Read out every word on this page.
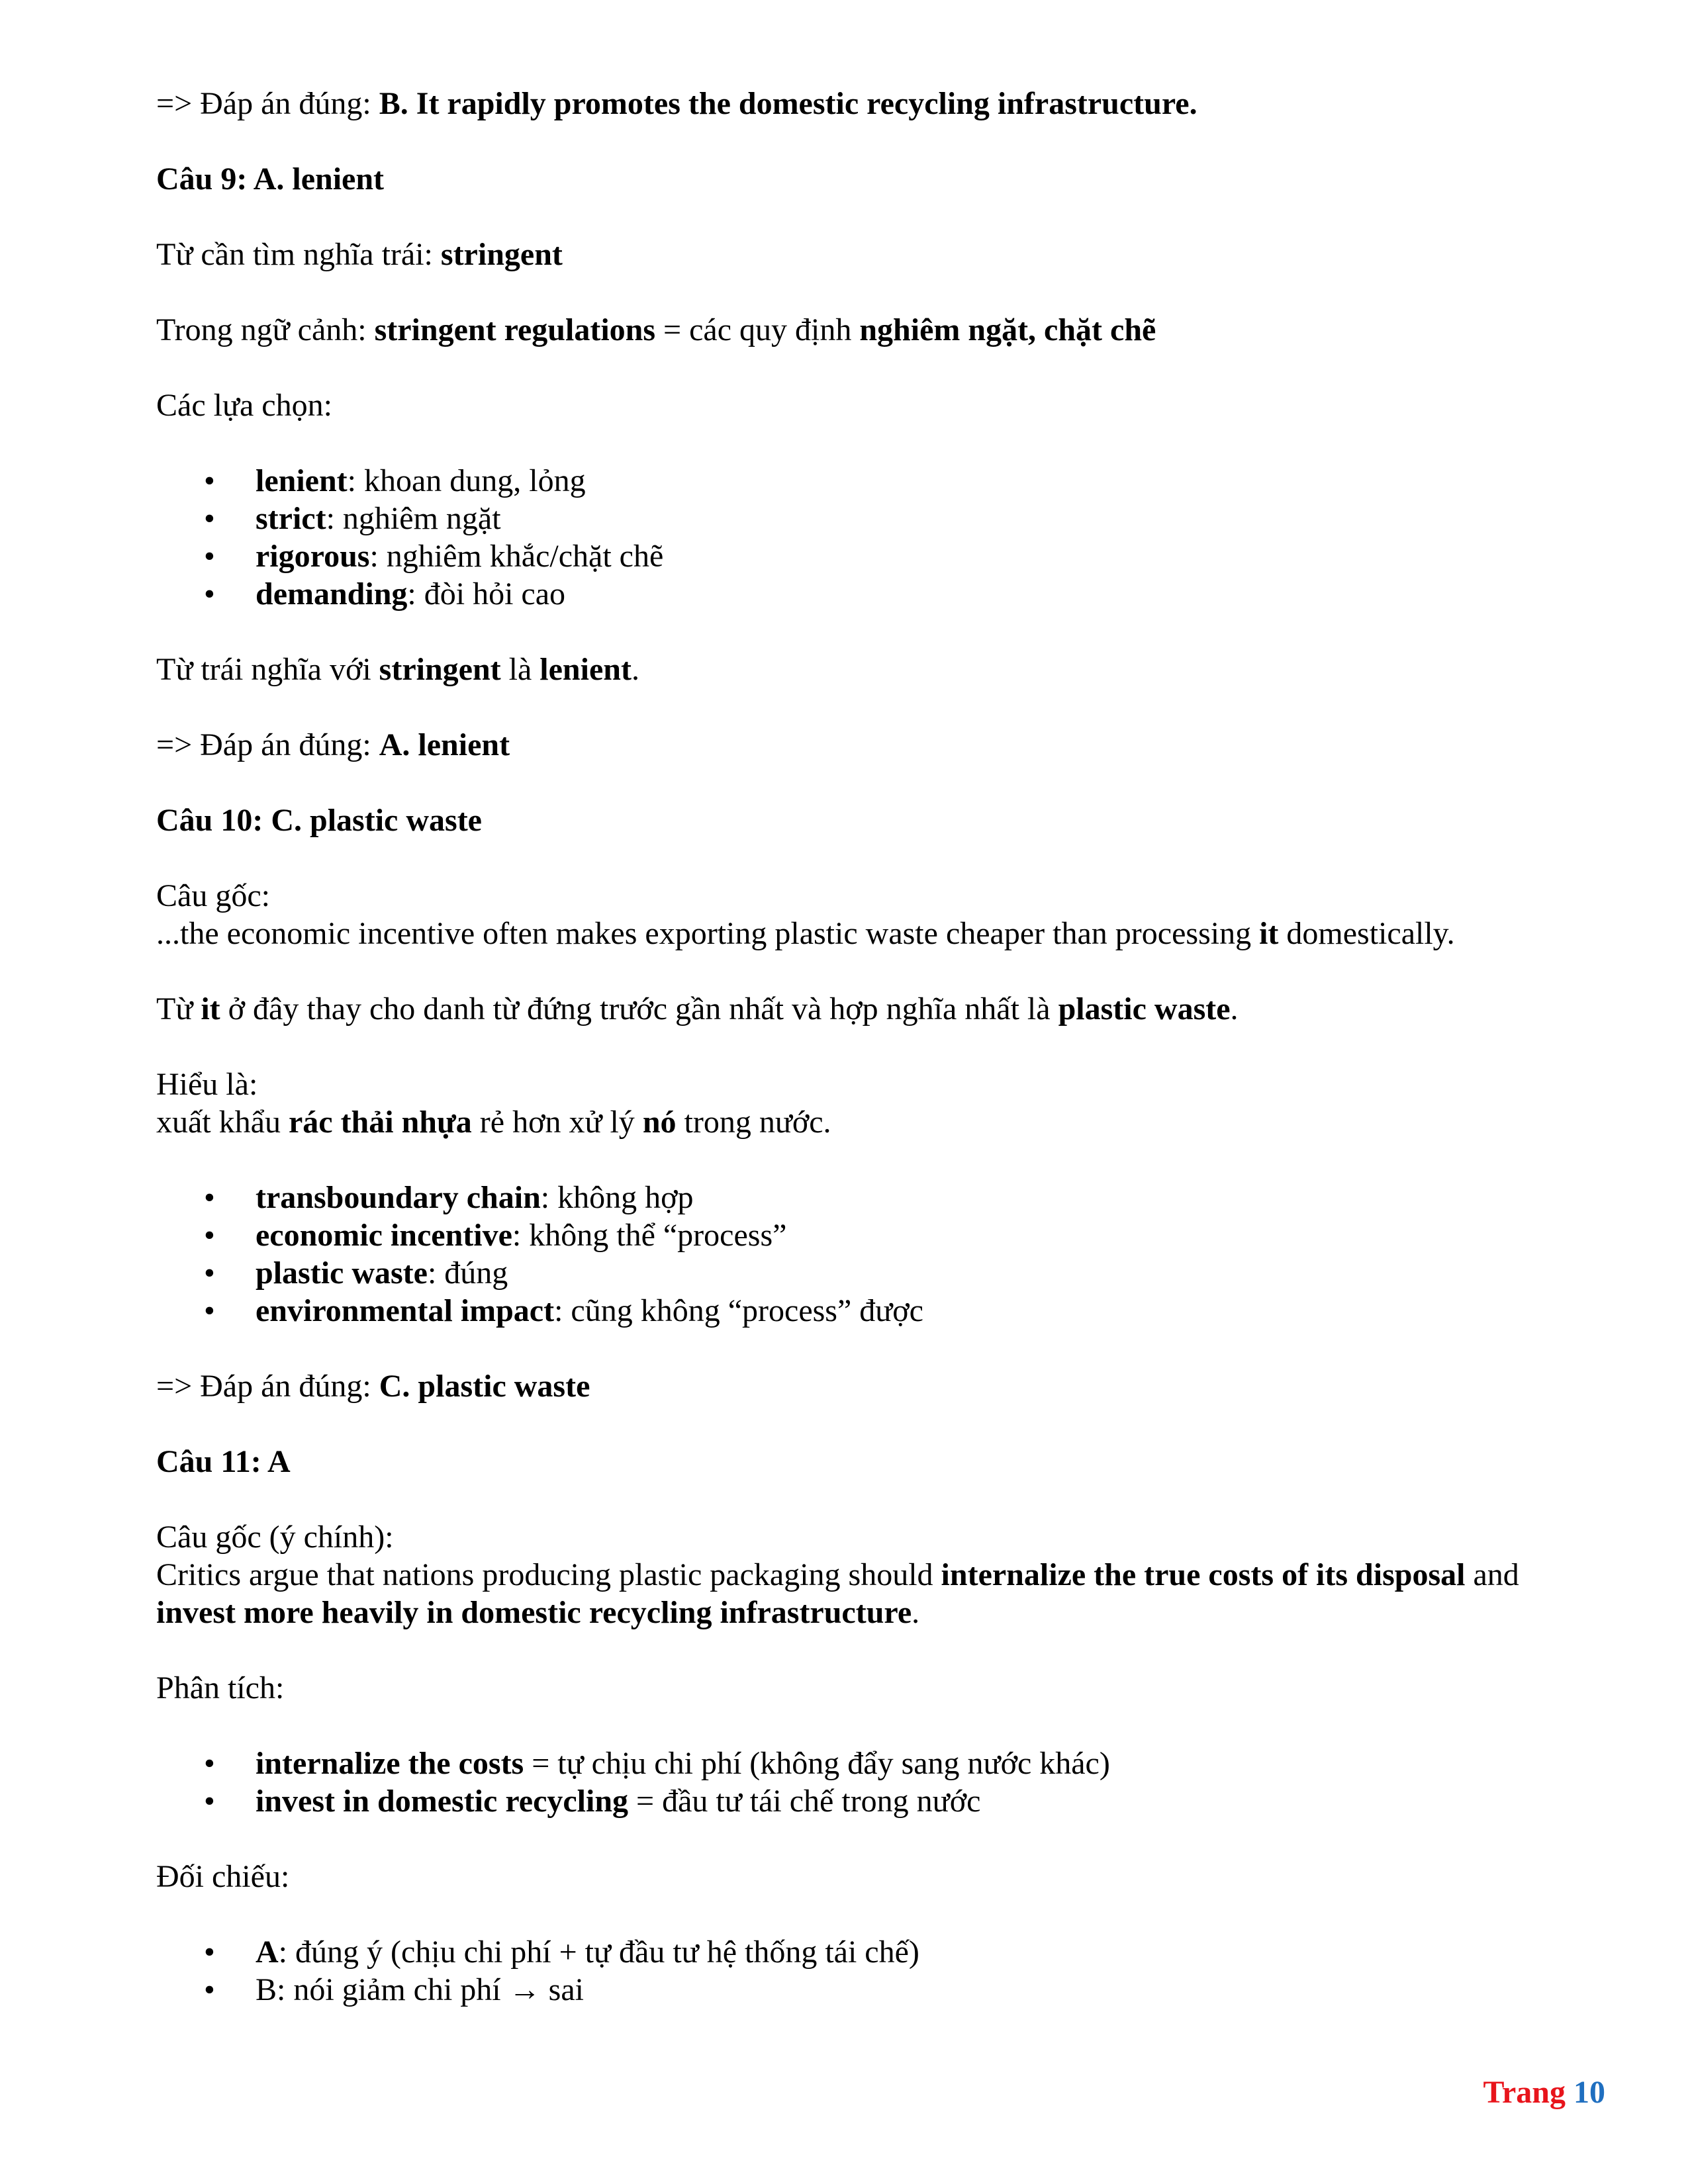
=> Đáp án đúng: B. It rapidly promotes the domestic recycling infrastructure.

Câu 9: A. lenient

Từ cần tìm nghĩa trái: stringent

Trong ngữ cảnh: stringent regulations = các quy định nghiêm ngặt, chặt chẽ

Các lựa chọn:

• lenient: khoan dung, lỏng
• strict: nghiêm ngặt
• rigorous: nghiêm khắc/chặt chẽ
• demanding: đòi hỏi cao

Từ trái nghĩa với stringent là lenient.

=> Đáp án đúng: A. lenient

Câu 10: C. plastic waste

Câu gốc:

...the economic incentive often makes exporting plastic waste cheaper than processing it domestically.

Từ it ở đây thay cho danh từ đứng trước gần nhất và hợp nghĩa nhất là plastic waste.

Hiểu là:

xuất khẩu rác thải nhựa rẻ hơn xử lý nó trong nước.

• transboundary chain: không hợp
• economic incentive: không thể “process”
• plastic waste: đúng
• environmental impact: cũng không “process” được

=> Đáp án đúng: C. plastic waste

Câu 11: A

Câu gốc (ý chính):

Critics argue that nations producing plastic packaging should internalize the true costs of its disposal and invest more heavily in domestic recycling infrastructure.

Phân tích:

• internalize the costs = tự chịu chi phí (không đẩy sang nước khác)
• invest in domestic recycling = đầu tư tái chế trong nước

Đối chiếu:

• A: đúng ý (chịu chi phí + tự đầu tư hệ thống tái chế)
• B: nói giảm chi phí → sai
Trang 10
